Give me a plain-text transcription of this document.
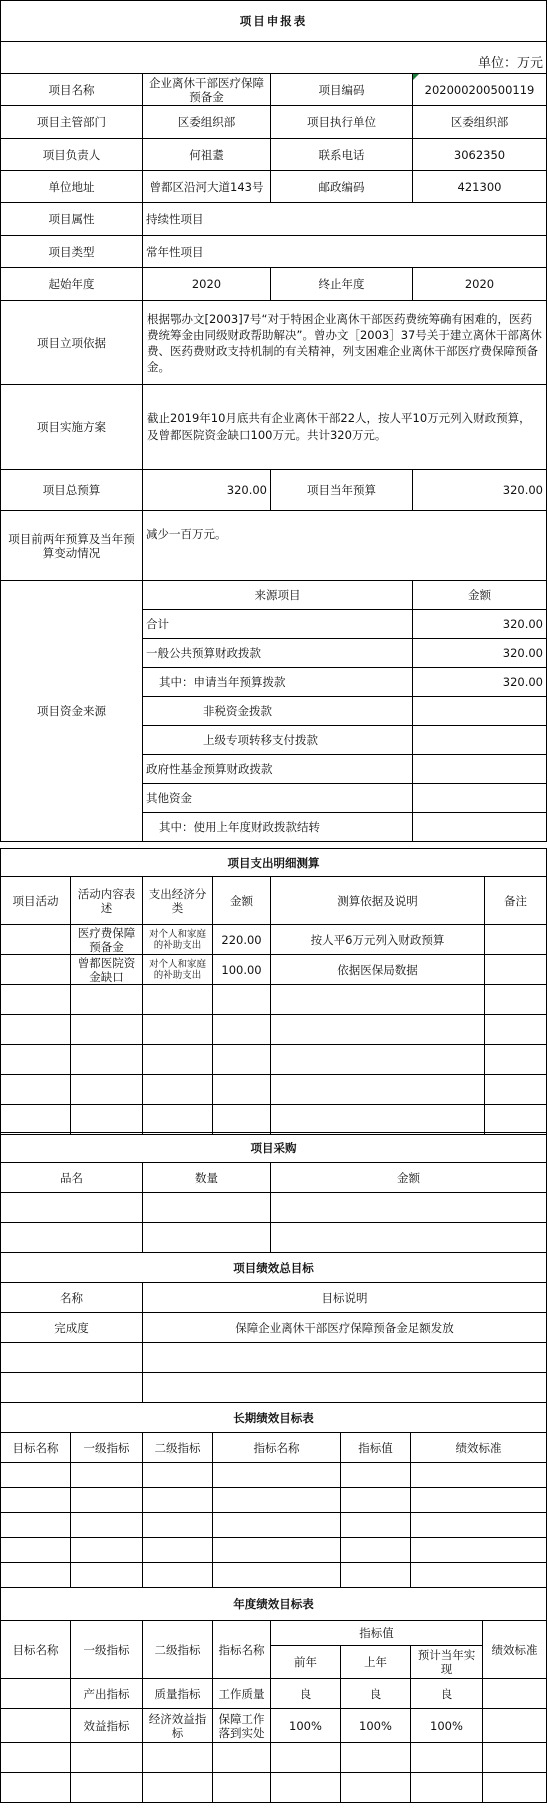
项目申报表			
单位：万元			
项目名称	企业离休干部医疗保障预备金	项目编码	202000200500119
项目主管部门	区委组织部	项目执行单位	区委组织部
项目负责人	何祖耋	联系电话	3062350
单位地址	曾都区沿河大道143号	邮政编码	421300
项目属性	持续性项目		
项目类型	常年性项目		
起始年度	2020	终止年度	2020
项目立项依据	根据鄂办文[2003]7号“对于特困企业离休干部医药费统筹确有困难的，医药费统筹金由同级财政帮助解决”。曾办文［2003］37号关于建立离休干部离休费、医药费财政支持机制的有关精神，列支困难企业离休干部医疗费保障预备金。		
项目实施方案	截止2019年10月底共有企业离休干部22人，按人平10万元列入财政预算，及曾都医院资金缺口100万元。共计320万元。		
项目总预算	320.00	项目当年预算	320.00
项目前两年预算及当年预算变动情况	减少一百万元。		
项目资金来源	来源项目		金额
	合计		320.00
	一般公共预算财政拨款		320.00
	其中：申请当年预算拨款		320.00
	非税资金拨款		
	上级专项转移支付拨款		
	政府性基金预算财政拨款		
	其他资金		
	其中：使用上年度财政拨款结转		
项目支出明细测算					
项目活动	活动内容表述	支出经济分类	金额	测算依据及说明	备注
	医疗费保障预备金	对个人和家庭的补助支出	220.00	按人平6万元列入财政预算	
	曾都医院资金缺口	对个人和家庭的补助支出	100.00	依据医保局数据	

项目采购		
品名	数量	金额

项目绩效总目标	
名称	目标说明
完成度	保障企业离休干部医疗保障预备金足额发放

长期绩效目标表					
目标名称	一级指标	二级指标	指标名称	指标值	绩效标准

年度绩效目标表							
目标名称	一级指标	二级指标	指标名称	指标值			绩效标准
				前年	上年	预计当年实现	
	产出指标	质量指标	工作质量	良	良	良	
	效益指标	经济效益指标	保障工作落到实处	100%	100%	100%	
